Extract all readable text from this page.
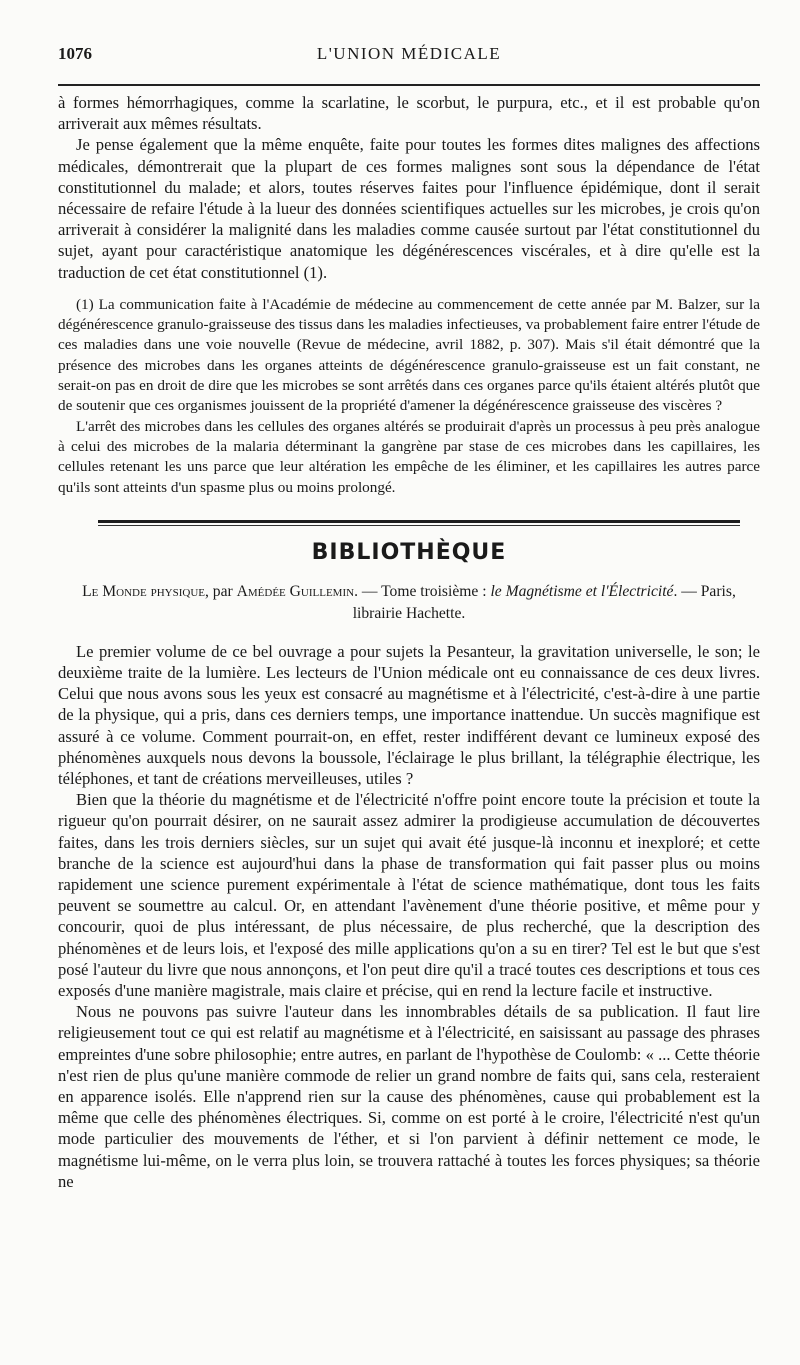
1076	L'UNION MÉDICALE

à formes hémorrhagiques, comme la scarlatine, le scorbut, le purpura, etc., et il est probable qu'on arriverait aux mêmes résultats.

Je pense également que la même enquête, faite pour toutes les formes dites malignes des affections médicales, démontrerait que la plupart de ces formes malignes sont sous la dépendance de l'état constitutionnel du malade; et alors, toutes réserves faites pour l'influence épidémique, dont il serait nécessaire de refaire l'étude à la lueur des données scientifiques actuelles sur les microbes, je crois qu'on arriverait à considérer la malignité dans les maladies comme causée surtout par l'état constitutionnel du sujet, ayant pour caractéristique anatomique les dégénérescences viscérales, et à dire qu'elle est la traduction de cet état constitutionnel (1).

(1) La communication faite à l'Académie de médecine au commencement de cette année par M. Balzer, sur la dégénérescence granulo-graisseuse des tissus dans les maladies infectieuses, va probablement faire entrer l'étude de ces maladies dans une voie nouvelle (Revue de médecine, avril 1882, p. 307). Mais s'il était démontré que la présence des microbes dans les organes atteints de dégénérescence granulo-graisseuse est un fait constant, ne serait-on pas en droit de dire que les microbes se sont arrêtés dans ces organes parce qu'ils étaient altérés plutôt que de soutenir que ces organismes jouissent de la propriété d'amener la dégénérescence graisseuse des viscères ?

L'arrêt des microbes dans les cellules des organes altérés se produirait d'après un processus à peu près analogue à celui des microbes de la malaria déterminant la gangrène par stase de ces microbes dans les capillaires, les cellules retenant les uns parce que leur altération les empêche de les éliminer, et les capillaires les autres parce qu'ils sont atteints d'un spasme plus ou moins prolongé.

BIBLIOTHÈQUE
Le Monde physique, par Amédée Guillemin. — Tome troisième : le Magnétisme et l'Électricité. — Paris, librairie Hachette.

Le premier volume de ce bel ouvrage a pour sujets la Pesanteur, la gravitation universelle, le son; le deuxième traite de la lumière. Les lecteurs de l'Union médicale ont eu connaissance de ces deux livres. Celui que nous avons sous les yeux est consacré au magnétisme et à l'électricité, c'est-à-dire à une partie de la physique, qui a pris, dans ces derniers temps, une importance inattendue. Un succès magnifique est assuré à ce volume. Comment pourrait-on, en effet, rester indifférent devant ce lumineux exposé des phénomènes auxquels nous devons la boussole, l'éclairage le plus brillant, la télégraphie électrique, les téléphones, et tant de créations merveilleuses, utiles ?

Bien que la théorie du magnétisme et de l'électricité n'offre point encore toute la précision et toute la rigueur qu'on pourrait désirer, on ne saurait assez admirer la prodigieuse accumulation de découvertes faites, dans les trois derniers siècles, sur un sujet qui avait été jusque-là inconnu et inexploré; et cette branche de la science est aujourd'hui dans la phase de transformation qui fait passer plus ou moins rapidement une science purement expérimentale à l'état de science mathématique, dont tous les faits peuvent se soumettre au calcul. Or, en attendant l'avènement d'une théorie positive, et même pour y concourir, quoi de plus intéressant, de plus nécessaire, de plus recherché, que la description des phénomènes et de leurs lois, et l'exposé des mille applications qu'on a su en tirer? Tel est le but que s'est posé l'auteur du livre que nous annonçons, et l'on peut dire qu'il a tracé toutes ces descriptions et tous ces exposés d'une manière magistrale, mais claire et précise, qui en rend la lecture facile et instructive.

Nous ne pouvons pas suivre l'auteur dans les innombrables détails de sa publication. Il faut lire religieusement tout ce qui est relatif au magnétisme et à l'électricité, en saisissant au passage des phrases empreintes d'une sobre philosophie; entre autres, en parlant de l'hypothèse de Coulomb: « ... Cette théorie n'est rien de plus qu'une manière commode de relier un grand nombre de faits qui, sans cela, resteraient en apparence isolés. Elle n'apprend rien sur la cause des phénomènes, cause qui probablement est la même que celle des phénomènes électriques. Si, comme on est porté à le croire, l'électricité n'est qu'un mode particulier des mouvements de l'éther, et si l'on parvient à définir nettement ce mode, le magnétisme lui-même, on le verra plus loin, se trouvera rattaché à toutes les forces physiques; sa théorie ne
